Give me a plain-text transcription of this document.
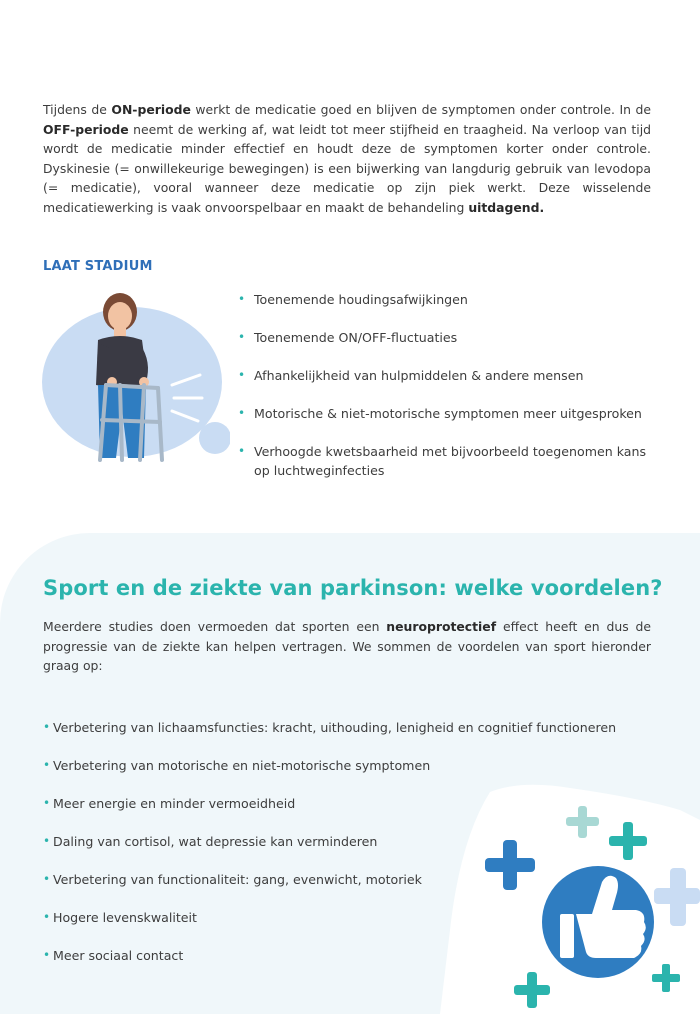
Tijdens de ON-periode werkt de medicatie goed en blijven de symptomen onder controle. In de OFF-periode neemt de werking af, wat leidt tot meer stijfheid en traagheid. Na verloop van tijd wordt de medicatie minder effectief en houdt deze de symptomen korter onder controle. Dyskinesie (= onwillekeurige bewegingen) is een bijwerking van langdurig gebruik van levodopa (= medicatie), vooral wanneer deze medicatie op zijn piek werkt. Deze wisselende medicatiewerking is vaak onvoorspelbaar en maakt de behandeling uitdagend.
LAAT STADIUM
• Toenemende houdingsafwijkingen
• Toenemende ON/OFF-fluctuaties
• Afhankelijkheid van hulpmiddelen & andere mensen
• Motorische & niet-motorische symptomen meer uitgesproken
• Verhoogde kwetsbaarheid met bijvoorbeeld toegenomen kans op luchtweginfecties
Sport en de ziekte van parkinson: welke voordelen?
Meerdere studies doen vermoeden dat sporten een neuroprotectief effect heeft en dus de progressie van de ziekte kan helpen vertragen. We sommen de voordelen van sport hieronder graag op:
• Verbetering van lichaamsfuncties: kracht, uithouding, lenigheid en cognitief functioneren
• Verbetering van motorische en niet-motorische symptomen
• Meer energie en minder vermoeidheid
• Daling van cortisol, wat depressie kan verminderen
• Verbetering van functionaliteit: gang, evenwicht, motoriek
• Hogere levenskwaliteit
• Meer sociaal contact
